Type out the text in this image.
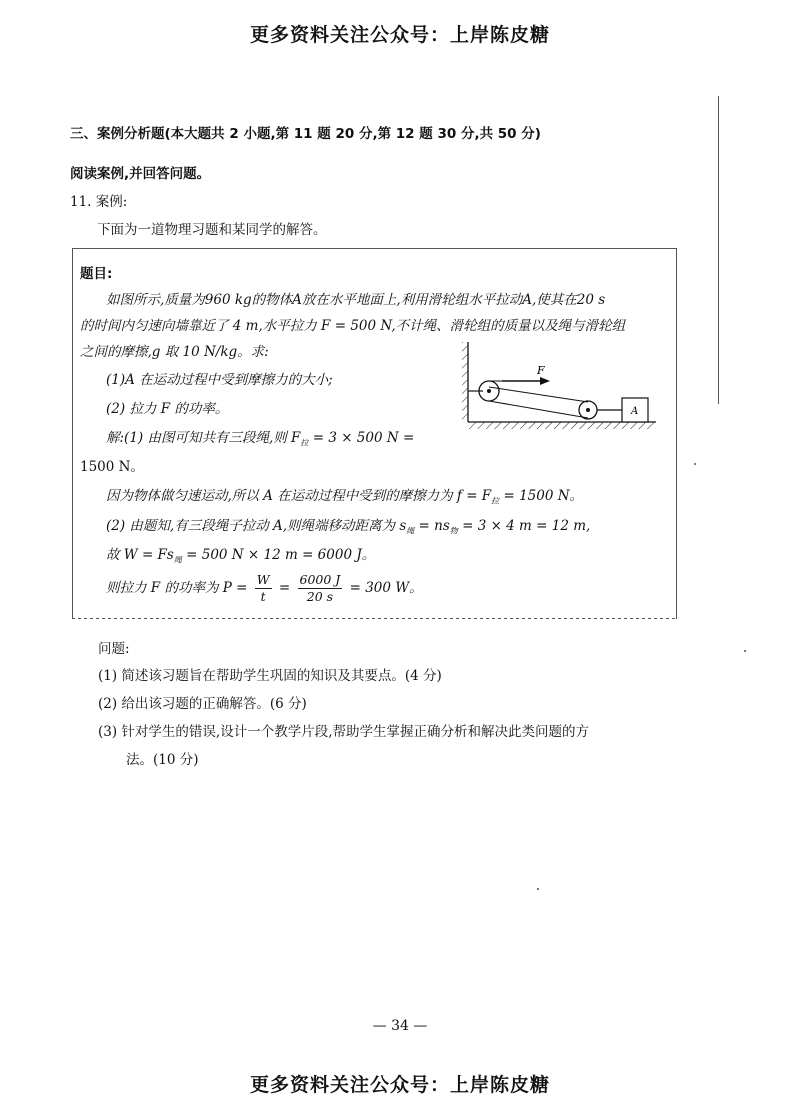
更多资料关注公众号：上岸陈皮糖
三、案例分析题(本大题共 2 小题,第 11 题 20 分,第 12 题 30 分,共 50 分)
阅读案例,并回答问题。
11. 案例:
下面为一道物理习题和某同学的解答。
题目:
如图所示,质量为960 kg的物体A放在水平地面上,利用滑轮组水平拉动A,使其在20 s
的时间内匀速向墙靠近了 4 m,水平拉力 F = 500 N,不计绳、滑轮组的质量以及绳与滑轮组
之间的摩擦,g 取 10 N/kg。求:
(1)A 在运动过程中受到摩擦力的大小;
(2) 拉力 F 的功率。
解:(1) 由图可知共有三段绳,则 $F_拉 = 3 \times 500$ N =
1500 N。
因为物体做匀速运动,所以 A 在运动过程中受到的摩擦力为 $f = F_拉 = 1500$ N。
(2) 由题知,有三段绳子拉动 A,则绳端移动距离为 $s_绳 = ns_物 = 3 \times 4$ m = 12 m,
故 $W = Fs_绳 = 500$ N × 12 m = 6000 J。
则拉力 F 的功率为 $P = \frac{W}{t} = \frac{6000 J}{20 s} = 300$ W。
F
A
问题:
(1) 简述该习题旨在帮助学生巩固的知识及其要点。(4 分)
(2) 给出该习题的正确解答。(6 分)
(3) 针对学生的错误,设计一个教学片段,帮助学生掌握正确分析和解决此类问题的方
法。(10 分)
— 34 —
更多资料关注公众号：上岸陈皮糖
